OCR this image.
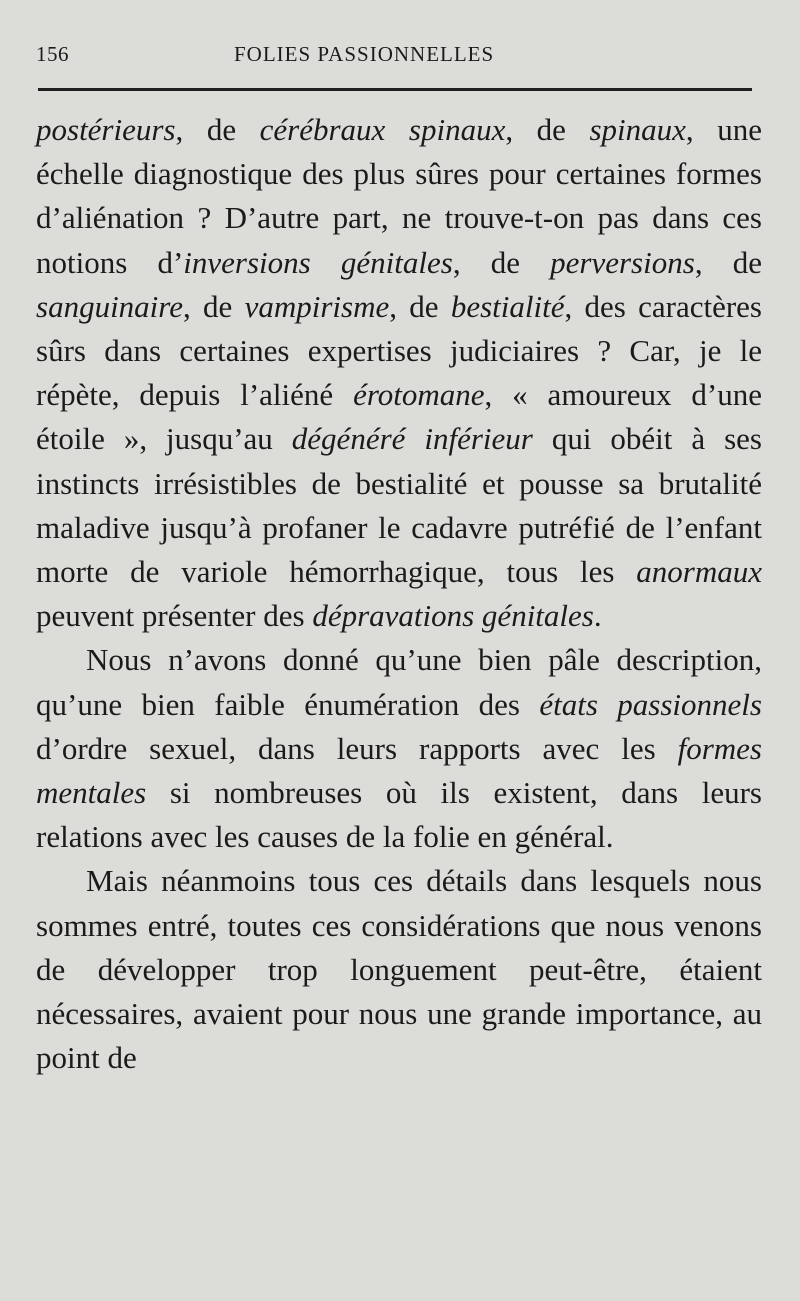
156	FOLIES PASSIONNELLES

postérieurs, de cérébraux spinaux, de spinaux, une échelle diagnostique des plus sûres pour certaines formes d’aliénation ? D’autre part, ne trouve-t-on pas dans ces notions d’inversions génitales, de perversions, de sanguinaire, de vampirisme, de bestialité, des caractères sûrs dans certaines expertises judiciaires ? Car, je le répète, depuis l’aliéné érotomane, « amoureux d’une étoile », jusqu’au dégénéré inférieur qui obéit à ses instincts irrésistibles de bestialité et pousse sa brutalité maladive jusqu’à profaner le cadavre putréfié de l’enfant morte de variole hémorrhagique, tous les anormaux peuvent présenter des dépravations génitales.

Nous n’avons donné qu’une bien pâle description, qu’une bien faible énumération des états passionnels d’ordre sexuel, dans leurs rapports avec les formes mentales si nombreuses où ils existent, dans leurs relations avec les causes de la folie en général.

Mais néanmoins tous ces détails dans lesquels nous sommes entré, toutes ces considérations que nous venons de développer trop longuement peut-être, étaient nécessaires, avaient pour nous une grande importance, au point de
